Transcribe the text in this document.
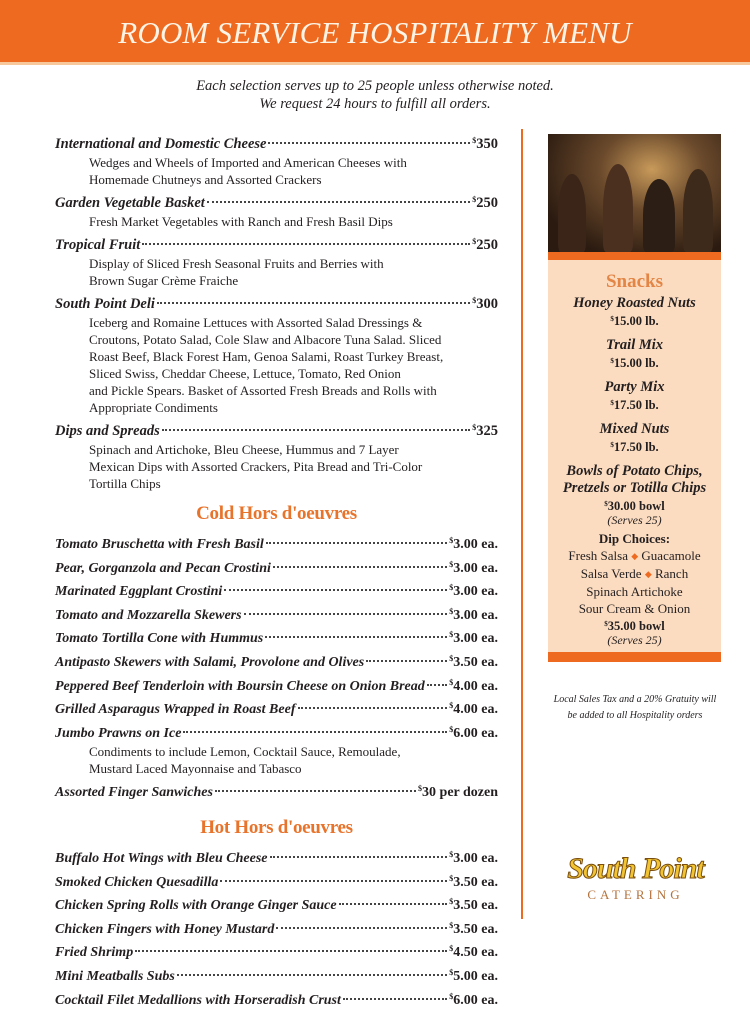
ROOM SERVICE HOSPITALITY MENU
Each selection serves up to 25 people unless otherwise noted.
We request 24 hours to fulfill all orders.
International and Domestic Cheese	$350
Wedges and Wheels of Imported and American Cheeses with
Homemade Chutneys and Assorted Crackers
Garden Vegetable Basket	$250
Fresh Market Vegetables with Ranch and Fresh Basil Dips
Tropical Fruit	$250
Display of Sliced Fresh Seasonal Fruits and Berries with
Brown Sugar Crème Fraiche
South Point Deli	$300
Iceberg and Romaine Lettuces with Assorted Salad Dressings &
Croutons, Potato Salad, Cole Slaw and Albacore Tuna Salad. Sliced
Roast Beef, Black Forest Ham, Genoa Salami, Roast Turkey Breast,
Sliced Swiss, Cheddar Cheese, Lettuce, Tomato, Red Onion
and Pickle Spears. Basket of Assorted Fresh Breads and Rolls with
Appropriate Condiments
Dips and Spreads	$325
Spinach and Artichoke, Bleu Cheese, Hummus and 7 Layer
Mexican Dips with Assorted Crackers, Pita Bread and Tri-Color
Tortilla Chips
Cold Hors d'oeuvres
Tomato Bruschetta with Fresh Basil	$3.00 ea.
Pear, Gorganzola and Pecan Crostini	$3.00 ea.
Marinated Eggplant Crostini	$3.00 ea.
Tomato and Mozzarella Skewers	$3.00 ea.
Tomato Tortilla Cone with Hummus	$3.00 ea.
Antipasto Skewers with Salami, Provolone and Olives	$3.50 ea.
Peppered Beef Tenderloin with Boursin Cheese on Onion Bread	$4.00 ea.
Grilled Asparagus Wrapped in Roast Beef	$4.00 ea.
Jumbo Prawns on Ice	$6.00 ea.
Condiments to include Lemon, Cocktail Sauce, Remoulade,
Mustard Laced Mayonnaise and Tabasco
Assorted Finger Sanwiches	$30 per dozen
Hot Hors d'oeuvres
Buffalo Hot Wings with Bleu Cheese	$3.00 ea.
Smoked Chicken Quesadilla	$3.50 ea.
Chicken Spring Rolls with Orange Ginger Sauce	$3.50 ea.
Chicken Fingers with Honey Mustard	$3.50 ea.
Fried Shrimp	$4.50 ea.
Mini Meatballs Subs	$5.00 ea.
Cocktail Filet Medallions with Horseradish Crust	$6.00 ea.
Snacks
Honey Roasted Nuts
$15.00 lb.
Trail Mix
$15.00 lb.
Party Mix
$17.50 lb.
Mixed Nuts
$17.50 lb.
Bowls of Potato Chips,
Pretzels or Totilla Chips
$30.00 bowl
(Serves 25)
Dip Choices:
Fresh Salsa ◆ Guacamole
Salsa Verde ◆ Ranch
Spinach Artichoke
Sour Cream & Onion
$35.00 bowl
(Serves 25)
Local Sales Tax and a 20% Gratuity will
be added to all Hospitality orders
South Point
CATERING
